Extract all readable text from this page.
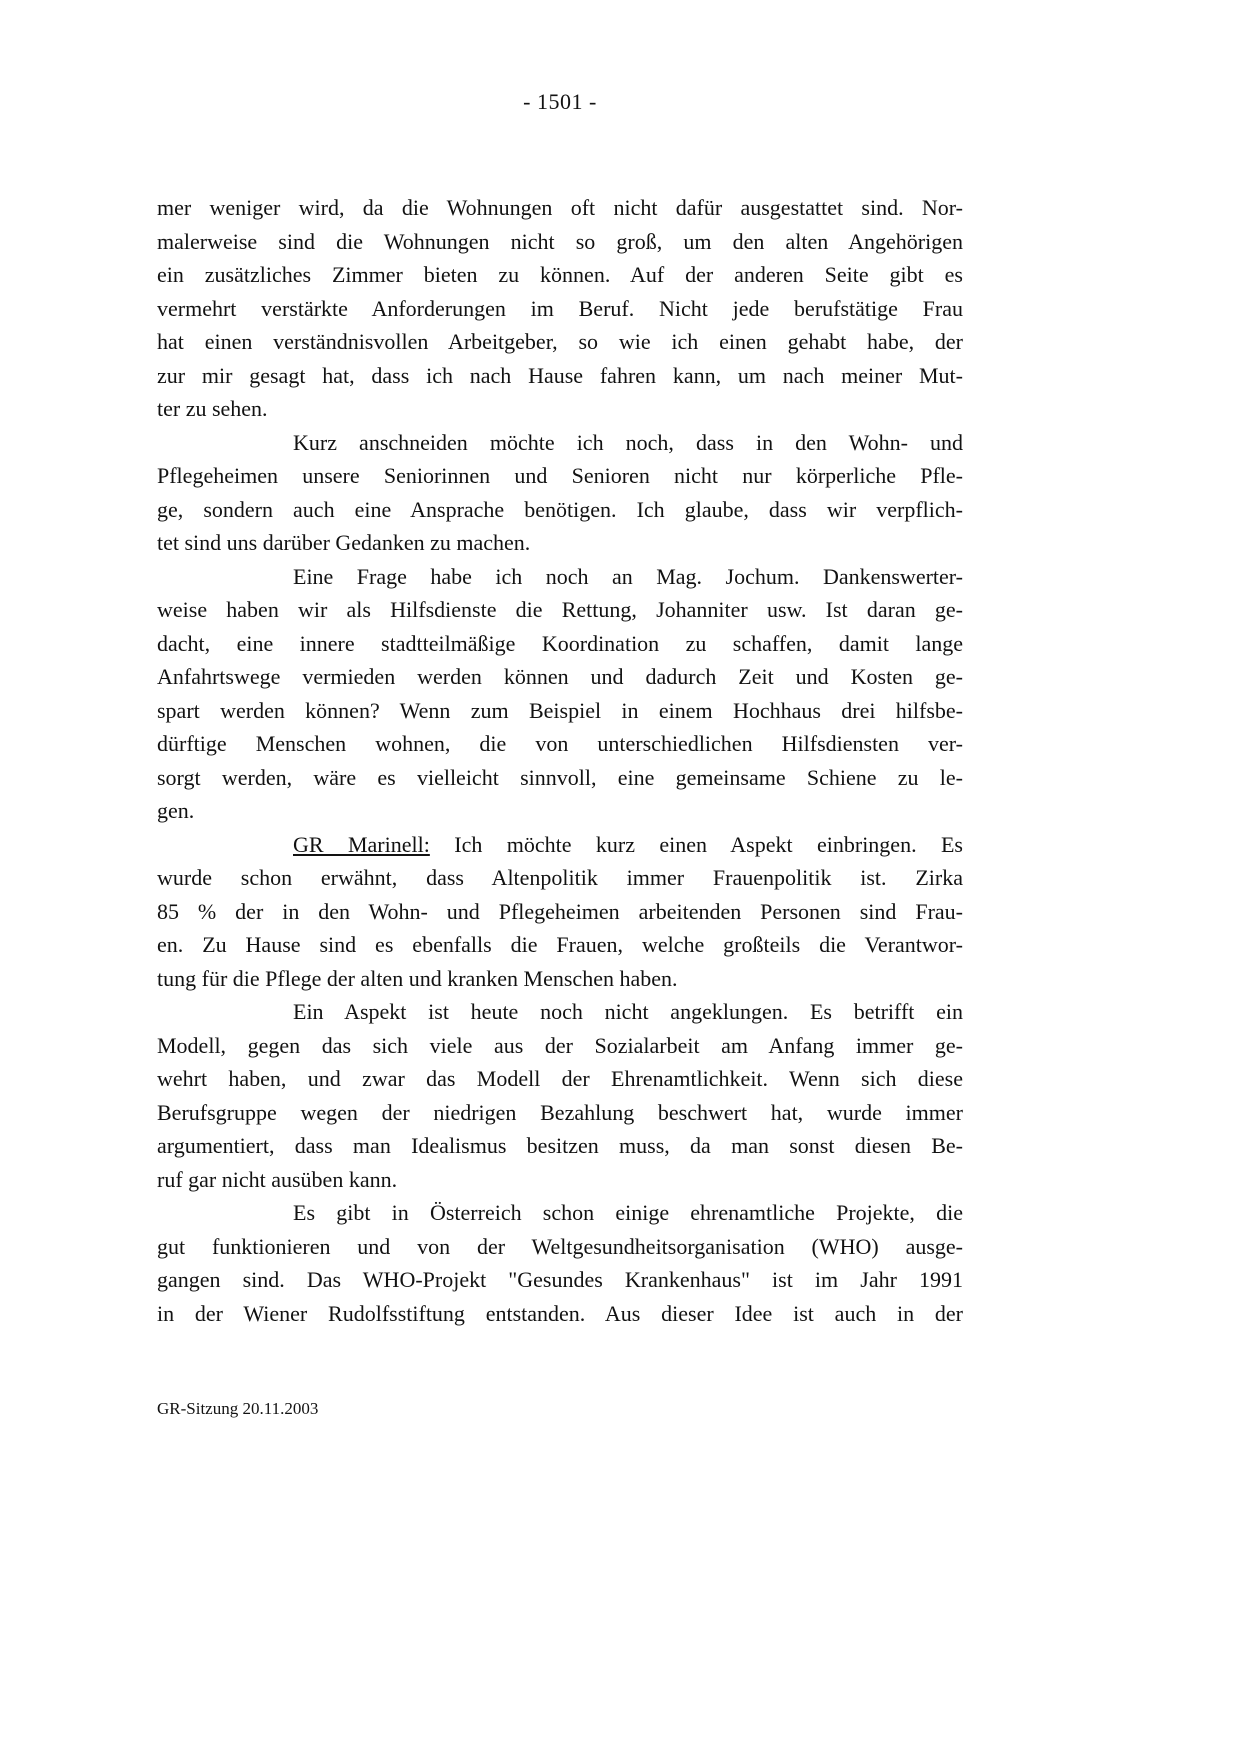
- 1501 -
mer weniger wird, da die Wohnungen oft nicht dafür ausgestattet sind. Nor-
malerweise sind die Wohnungen nicht so groß, um den alten Angehörigen
ein zusätzliches Zimmer bieten zu können. Auf der anderen Seite gibt es
vermehrt verstärkte Anforderungen im Beruf. Nicht jede berufstätige Frau
hat einen verständnisvollen Arbeitgeber, so wie ich einen gehabt habe, der
zur mir gesagt hat, dass ich nach Hause fahren kann, um nach meiner Mut-
ter zu sehen.
Kurz anschneiden möchte ich noch, dass in den Wohn- und
Pflegeheimen unsere Seniorinnen und Senioren nicht nur körperliche Pfle-
ge, sondern auch eine Ansprache benötigen. Ich glaube, dass wir verpflich-
tet sind uns darüber Gedanken zu machen.
Eine Frage habe ich noch an Mag. Jochum. Dankenswerter-
weise haben wir als Hilfsdienste die Rettung, Johanniter usw. Ist daran ge-
dacht, eine innere stadtteilmäßige Koordination zu schaffen, damit lange
Anfahrtswege vermieden werden können und dadurch Zeit und Kosten ge-
spart werden können? Wenn zum Beispiel in einem Hochhaus drei hilfsbe-
dürftige Menschen wohnen, die von unterschiedlichen Hilfsdiensten ver-
sorgt werden, wäre es vielleicht sinnvoll, eine gemeinsame Schiene zu le-
gen.
GR Marinell: Ich möchte kurz einen Aspekt einbringen. Es
wurde schon erwähnt, dass Altenpolitik immer Frauenpolitik ist. Zirka
85 % der in den Wohn- und Pflegeheimen arbeitenden Personen sind Frau-
en. Zu Hause sind es ebenfalls die Frauen, welche großteils die Verantwor-
tung für die Pflege der alten und kranken Menschen haben.
Ein Aspekt ist heute noch nicht angeklungen. Es betrifft ein
Modell, gegen das sich viele aus der Sozialarbeit am Anfang immer ge-
wehrt haben, und zwar das Modell der Ehrenamtlichkeit. Wenn sich diese
Berufsgruppe wegen der niedrigen Bezahlung beschwert hat, wurde immer
argumentiert, dass man Idealismus besitzen muss, da man sonst diesen Be-
ruf gar nicht ausüben kann.
Es gibt in Österreich schon einige ehrenamtliche Projekte, die
gut funktionieren und von der Weltgesundheitsorganisation (WHO) ausge-
gangen sind. Das WHO-Projekt "Gesundes Krankenhaus" ist im Jahr 1991
in der Wiener Rudolfsstiftung entstanden. Aus dieser Idee ist auch in der
GR-Sitzung 20.11.2003
